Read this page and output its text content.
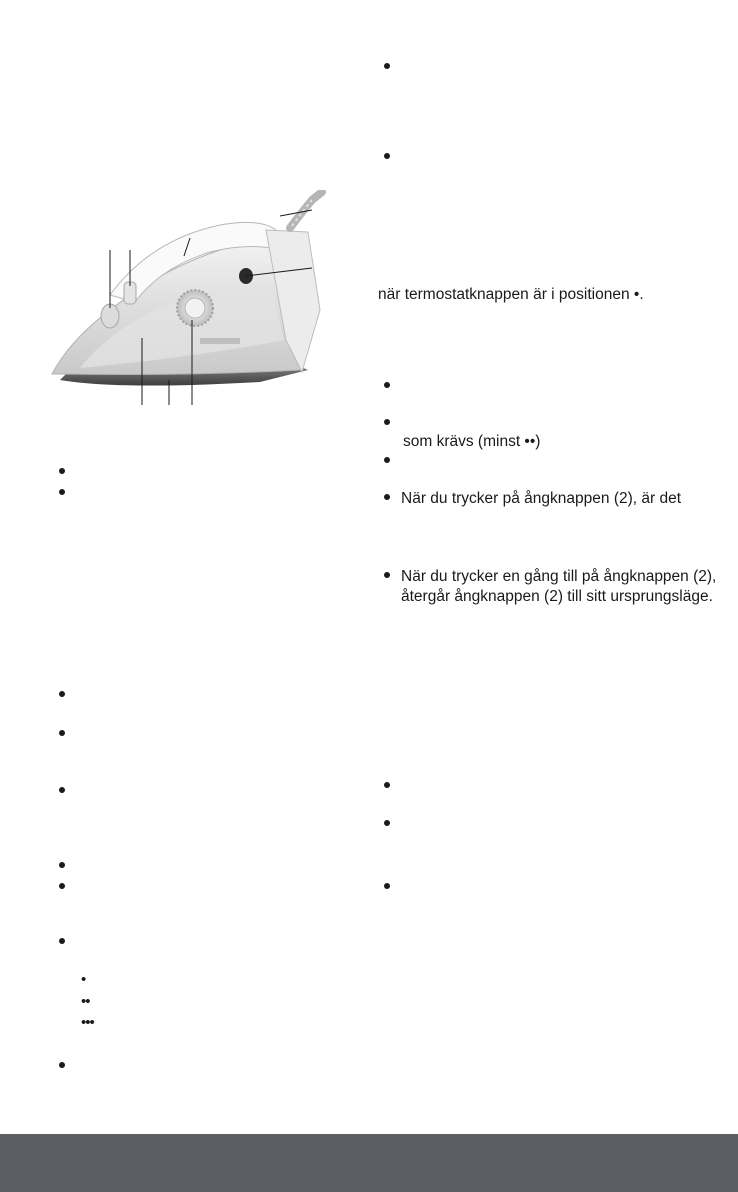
•
••
•••
när termostatknappen är i positionen •.
som krävs (minst ••)
När du trycker på ångknappen (2), är det
När du trycker en gång till på ångknappen (2),
återgår ångknappen (2) till sitt ursprungsläge.
